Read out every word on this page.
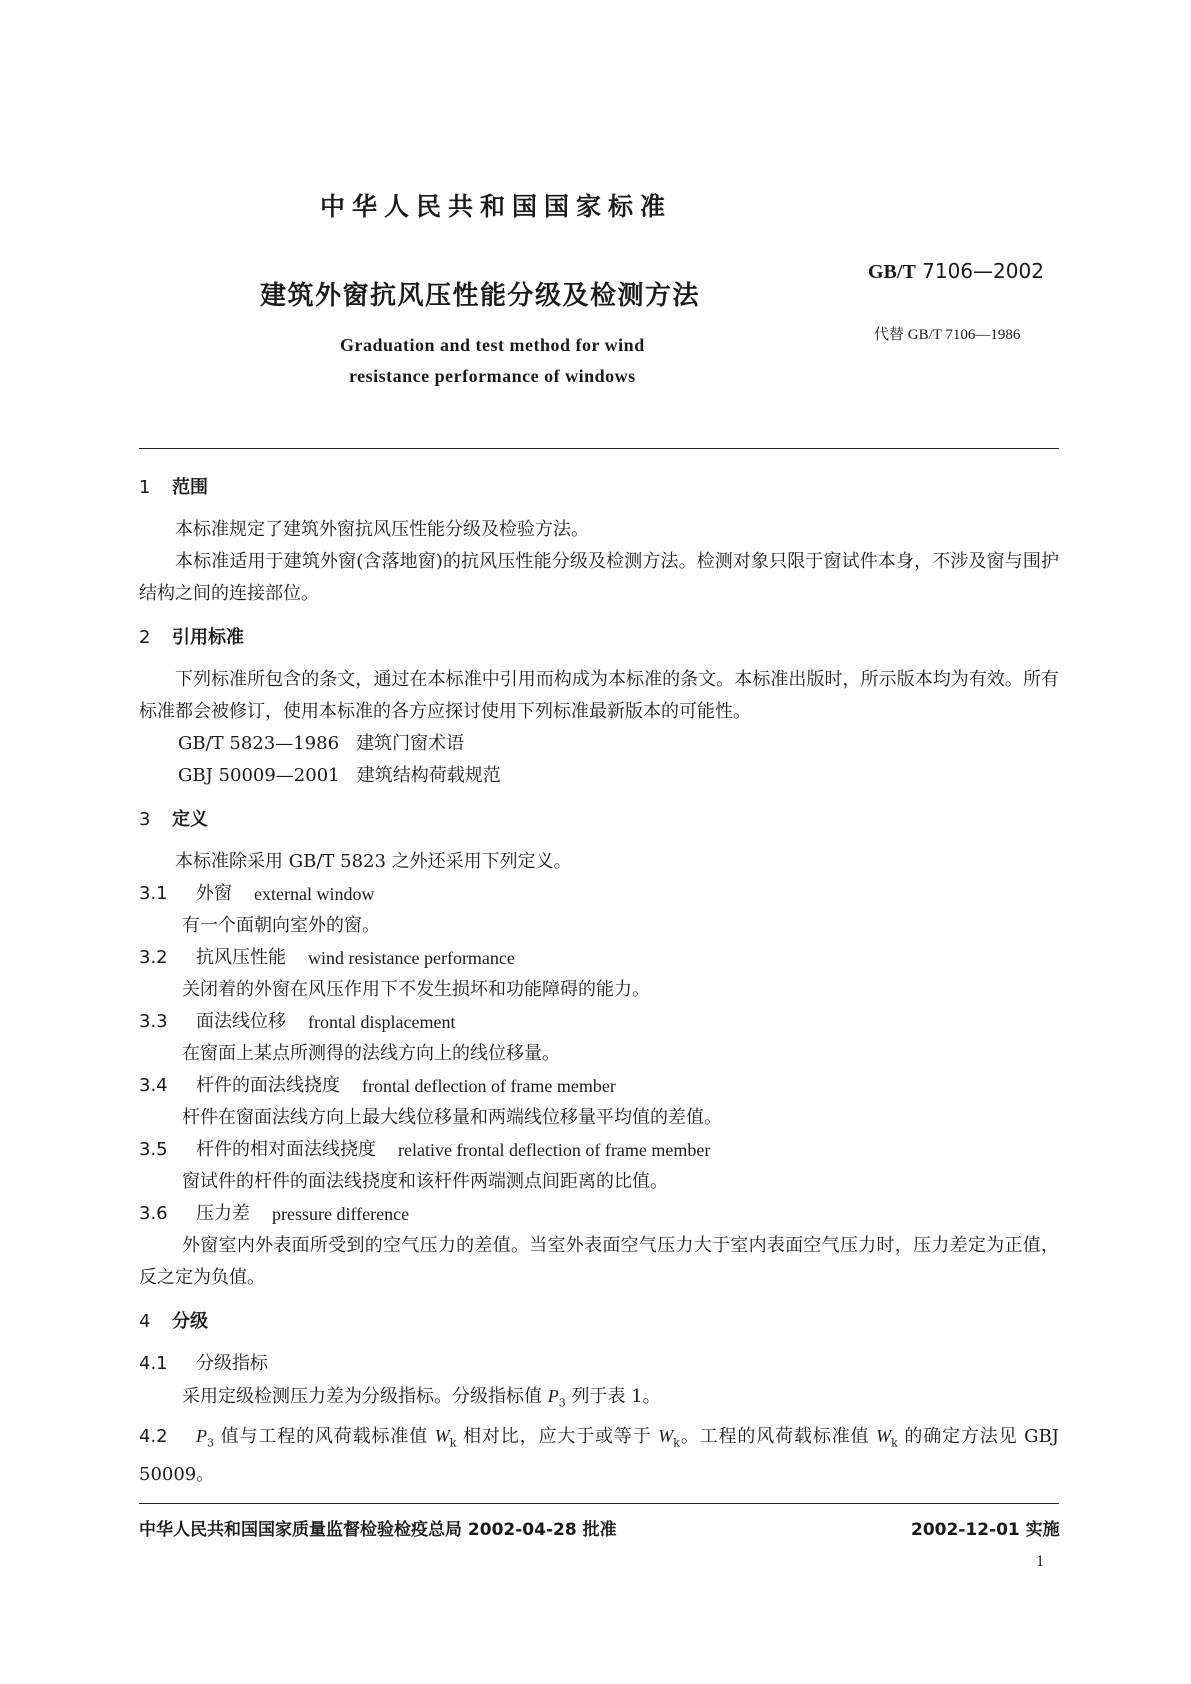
中华人民共和国国家标准
建筑外窗抗风压性能分级及检测方法
GB/T 7106—2002
代替 GB/T 7106—1986
Graduation and test method for wind
resistance performance of windows
1	范围
本标准规定了建筑外窗抗风压性能分级及检验方法。
本标准适用于建筑外窗(含落地窗)的抗风压性能分级及检测方法。检测对象只限于窗试件本身，不涉及窗与围护结构之间的连接部位。
2	引用标准
下列标准所包含的条文，通过在本标准中引用而构成为本标准的条文。本标准出版时，所示版本均为有效。所有标准都会被修订，使用本标准的各方应探讨使用下列标准最新版本的可能性。
GB/T 5823—1986   建筑门窗术语
GBJ 50009—2001   建筑结构荷载规范
3	定义
本标准除采用 GB/T 5823 之外还采用下列定义。
3.1	外窗 external window
有一个面朝向室外的窗。
3.2	抗风压性能 wind resistance performance
关闭着的外窗在风压作用下不发生损坏和功能障碍的能力。
3.3	面法线位移 frontal displacement
在窗面上某点所测得的法线方向上的线位移量。
3.4	杆件的面法线挠度 frontal deflection of frame member
杆件在窗面法线方向上最大线位移量和两端线位移量平均值的差值。
3.5	杆件的相对面法线挠度 relative frontal deflection of frame member
窗试件的杆件的面法线挠度和该杆件两端测点间距离的比值。
3.6	压力差 pressure difference
外窗室内外表面所受到的空气压力的差值。当室外表面空气压力大于室内表面空气压力时，压力差定为正值，反之定为负值。
4	分级
4.1	分级指标
采用定级检测压力差为分级指标。分级指标值 $P_3$ 列于表 1。
4.2 $P_3$ 值与工程的风荷载标准值 $W_k$ 相对比，应大于或等于 $W_k$。工程的风荷载标准值 $W_k$ 的确定方法见 GBJ 50009。
中华人民共和国国家质量监督检验检疫总局 2002-04-28 批准	2002-12-01 实施
1
